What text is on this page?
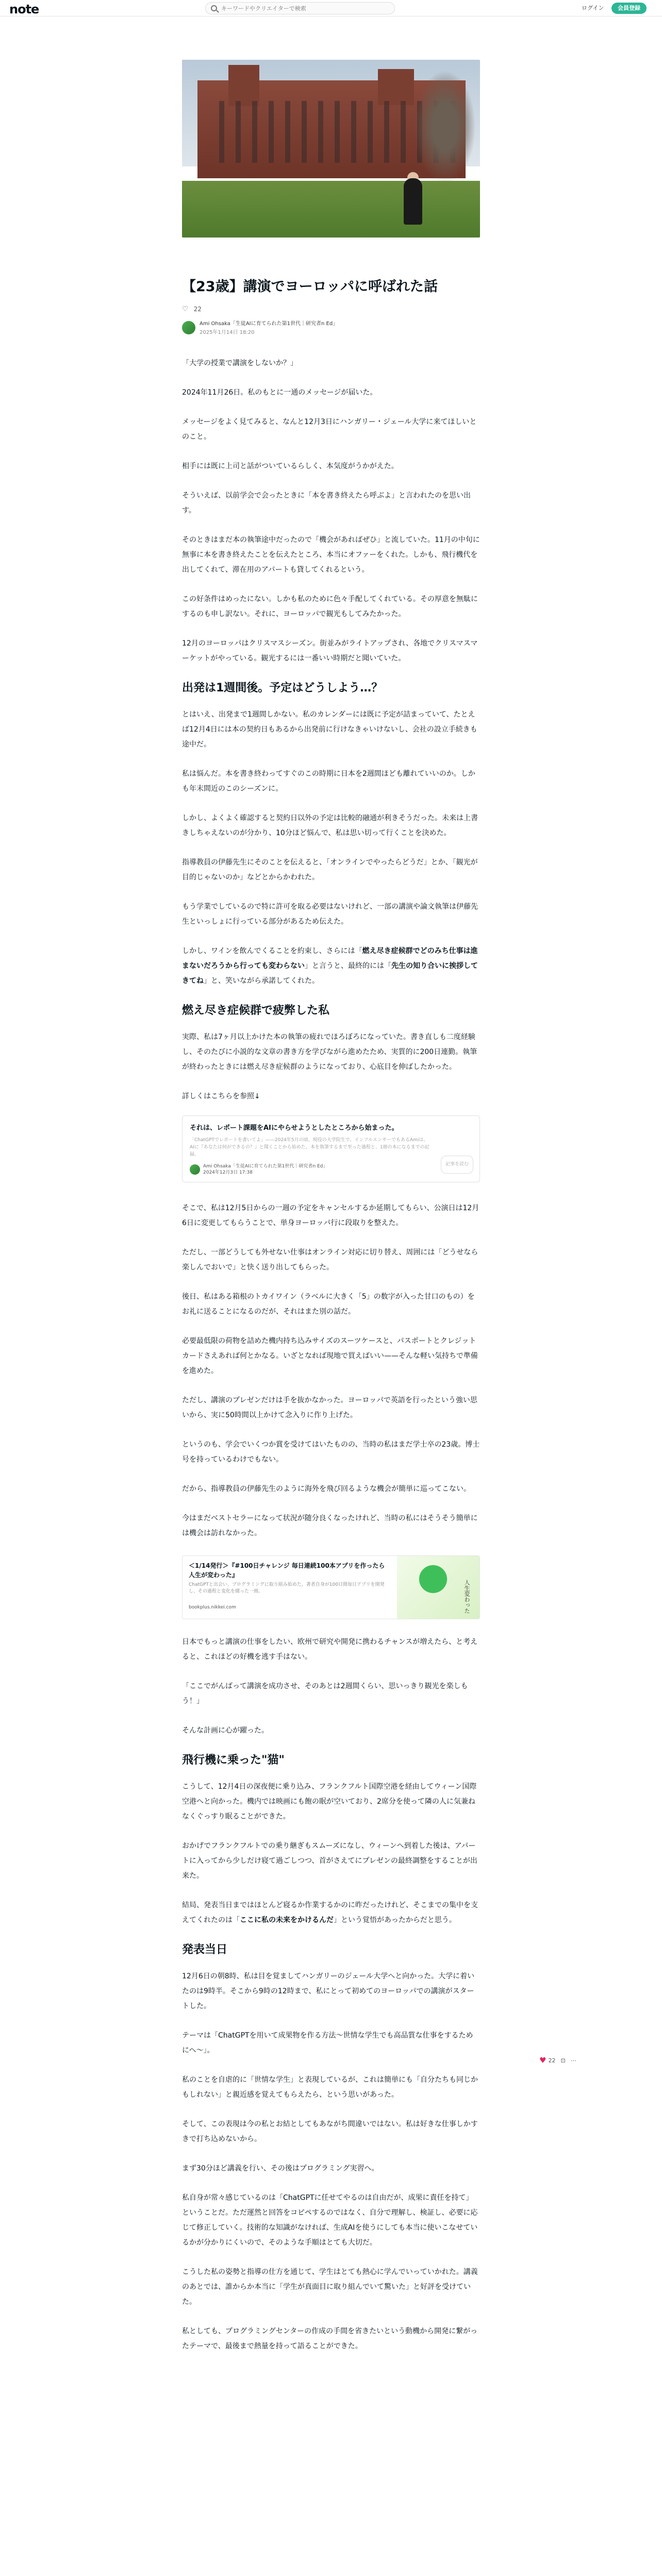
note
キーワードやクリエイターで検索	ログイン	会員登録
【23歳】講演でヨーロッパに呼ばれた話
♡ 22
Ami Ohsaka「生徒AIに育てられた第1世代｜研究者n Ed」
2025年1月14日 18:20

「大学の授業で講演をしないか？」

2024年11月26日。私のもとに一通のメッセージが届いた。

メッセージをよく見てみると、なんと12月3日にハンガリー・ジェール大学に来てほしいとのこと。

相手には既に上司と話がついているらしく、本気度がうかがえた。

そういえば、以前学会で会ったときに「本を書き終えたら呼ぶよ」と言われたのを思い出す。

そのときはまだ本の執筆途中だったので「機会があればぜひ」と流していた。11月の中旬に無事に本を書き終えたことを伝えたところ、本当にオファーをくれた。しかも、飛行機代を出してくれて、滞在用のアパートも貸してくれるという。

この好条件はめったにない。しかも私のために色々手配してくれている。その厚意を無駄にするのも申し訳ない。それに、ヨーロッパで観光もしてみたかった。

12月のヨーロッパはクリスマスシーズン。街並みがライトアップされ、各地でクリスマスマーケットがやっている。観光するには一番いい時期だと聞いていた。

出発は1週間後。予定はどうしよう…？

とはいえ、出発まで1週間しかない。私のカレンダーには既に予定が詰まっていて、たとえば12月4日には本の契約日もあるから出発前に行けなきゃいけないし、会社の設立手続きも途中だ。

私は悩んだ。本を書き終わってすぐのこの時期に日本を2週間ほども離れていいのか。しかも年末間近のこのシーズンに。

しかし、よくよく確認すると契約日以外の予定は比較的融通が利きそうだった。未来は上書きしちゃえないのが分かり、10分ほど悩んで、私は思い切って行くことを決めた。

指導教員の伊藤先生にそのことを伝えると、「オンラインでやったらどうだ」とか、「観光が目的じゃないのか」などとからかわれた。

もう学業でしているので特に許可を取る必要はないけれど、一部の講演や論文執筆は伊藤先生といっしょに行っている部分があるため伝えた。

しかし、ワインを飲んでくることを約束し、さらには「燃え尽き症候群でどのみち仕事は進まないだろうから行っても変わらない」と言うと、最終的には「先生の知り合いに挨拶してきてね」と、笑いながら承諾してくれた。

燃え尽き症候群で疲弊した私

実際、私は7ヶ月以上かけた本の執筆の疲れでほろぼろになっていた。書き直しも二度経験し、そのたびに小説的な文章の書き方を学びながら進めたため、実質的に200日連勤。執筆が終わったときには燃え尽き症候群のようになっており、心底目を伸ばしたかった。

詳しくはこちらを参照↓

それは、レポート課題をAIにやらせようとしたところから始まった。
「ChatGPTでレポートを書いてよ」——2024年5月の頃、現役の大学院生で、インフルエンサーでもあるAmiは、AIに『あなたは何ができるの？』と聞くことから始めた。本を執筆するまで至った過程と、1冊の本になるまでの記録。
Ami Ohsaka「生徒AIに育てられた第1世代｜研究者n Ed」
2024年12月3日 17:38
記事を読む

そこで、私は12月5日からの一週の予定をキャンセルするか延期してもらい、公演日は12月6日に変更してもらうことで、単身ヨーロッパ行に段取りを整えた。

ただし、一部どうしても外せない仕事はオンライン対応に切り替え、周囲には「どうせなら楽しんでおいで」と快く送り出してもらった。

後日、私はある箱根のトカイワイン（ラベルに大きく「5」の数字が入った甘口のもの）をお礼に送ることになるのだが、それはまた別の話だ。

必要最低限の荷物を詰めた機内持ち込みサイズのスーツケースと、パスポートとクレジットカードさえあれば何とかなる。いざとなれば現地で買えばいい——そんな軽い気持ちで準備を進めた。

ただし、講演のプレゼンだけは手を抜かなかった。ヨーロッパで英語を行ったという強い思いから、実に50時間以上かけて念入りに作り上げた。

というのも、学会でいくつか賞を受けてはいたものの、当時の私はまだ学士卒の23歳。博士号を持っているわけでもない。

だから、指導教員の伊藤先生のように海外を飛び回るような機会が簡単に巡ってこない。

今はまだベストセラーになって状況が随分良くなったけれど、当時の私にはそうそう簡単には機会は訪れなかった。

＜1/14発行＞『#100日チャレンジ 毎日連続100本アプリを作ったら人生が変わった』
ChatGPTと出会い、プログラミングに取り組み始めた。著者自身が100日間毎日アプリを開発し、その過程と変化を綴った一冊。
bookplus.nikkei.com	人生変わった

日本でもっと講演の仕事をしたい、欧州で研究や開発に携わるチャンスが増えたら、と考えると、これほどの好機を逃す手はない。

「ここでがんばって講演を成功させ、そのあとは2週間くらい、思いっきり観光を楽しもう！」

そんな計画に心が躍った。

飛行機に乗った"猫"

こうして、12月4日の深夜便に乗り込み、フランクフルト国際空港を経由してウィーン国際空港へと向かった。機内では映画にも飽の眠が空いており、2席分を使って隣の人に気兼ねなくぐっすり眠ることができた。

おかげでフランクフルトでの乗り継ぎもスムーズになし、ウィーンへ到着した後は、アパートに入ってから少しだけ寝て過ごしつつ、首がさえてにプレゼンの最終調整をすることが出来た。

結局、発表当日まではほとんど寝るか作業するかのに昨だったけれど、そこまでの集中を支えてくれたのは「ここに私の未来をかけるんだ」という覚悟があったからだと思う。

発表当日

12月6日の朝8時、私は目を覚ましてハンガリーのジェール大学へと向かった。大学に着いたのは9時半。そこから9時の12時まで、私にとって初めてのヨーロッパでの講演がスタートした。

テーマは「ChatGPTを用いて成果物を作る方法〜世情な学生でも高品質な仕事をするためにへ〜」。

私のことを自虐的に「世情な学生」と表現しているが、これは簡単にも「自分たちも同じかもしれない」と親近感を覚えてもらえたら、という思いがあった。

そして、この表現は今の私とお結としてもあながち間違いではない。私は好きな仕事しかすきで打ち込めないから。

まず30分ほど講義を行い、その後はプログラミング実習へ。

私自身が常々感じているのは「ChatGPTに任せてやるのは自由だが、成果に責任を持て」ということだ。ただ運然と回答をコピペするのではなく、自分で理解し、検証し、必要に応じて修正していく。技術的な知識がなければ、生成AIを使うにしても本当に使いこなせているかが分かりにくいので、そのような手順はとても大切だ。

こうした私の姿勢と指導の仕方を通じて、学生はとても熱心に学んでいっていかれた。講義のあとでは、誰からか本当に「学生が真面目に取り組んでいて驚いた」と好評を受けていた。

私としても、プログラミングセンターの作成の手間を省きたいという動機から開発に繋がったテーマで、最後まで熱量を持って語ることができた。

♥ 22 ⊡ ⋯
